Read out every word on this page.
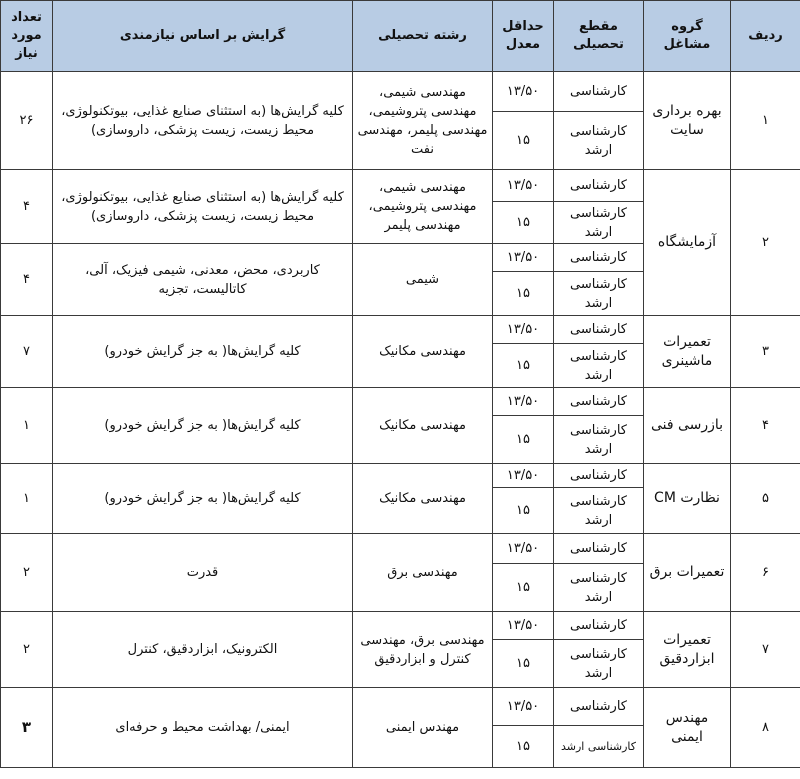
ردیف	گروه مشاغل	مقطع تحصیلی	حداقل معدل	رشته تحصیلی	گرایش بر اساس نیازمندی	تعداد مورد نیاز
۱	بهره برداری سایت	کارشناسی	۱۳/۵۰	مهندسی شیمی، مهندسی پتروشیمی، مهندسی پلیمر، مهندسی نفت	کلیه گرایش‌ها (به استثنای صنایع غذایی، بیوتکنولوژی، محیط زیست، زیست پزشکی، داروسازی)	۲۶
		کارشناسی ارشد	۱۵			
۲	آزمایشگاه	کارشناسی	۱۳/۵۰	مهندسی شیمی، مهندسی پتروشیمی، مهندسی پلیمر	کلیه گرایش‌ها (به استثنای صنایع غذایی، بیوتکنولوژی، محیط زیست، زیست پزشکی، داروسازی)	۴
		کارشناسی ارشد	۱۵			
		کارشناسی	۱۳/۵۰	شیمی	کاربردی، محض، معدنی، شیمی فیزیک، آلی، کاتالیست، تجزیه	۴
		کارشناسی ارشد	۱۵			
۳	تعمیرات ماشینری	کارشناسی	۱۳/۵۰	مهندسی مکانیک	کلیه گرایش‌ها( به جز گرایش خودرو)	۷
		کارشناسی ارشد	۱۵			
۴	بازرسی فنی	کارشناسی	۱۳/۵۰	مهندسی مکانیک	کلیه گرایش‌ها( به جز گرایش خودرو)	۱
		کارشناسی ارشد	۱۵			
۵	نظارت CM	کارشناسی	۱۳/۵۰	مهندسی مکانیک	کلیه گرایش‌ها( به جز گرایش خودرو)	۱
		کارشناسی ارشد	۱۵			
۶	تعمیرات برق	کارشناسی	۱۳/۵۰	مهندسی برق	قدرت	۲
		کارشناسی ارشد	۱۵			
۷	تعمیرات ابزاردقیق	کارشناسی	۱۳/۵۰	مهندسی برق، مهندسی کنترل و ابزاردقیق	الکترونیک، ابزاردقیق، کنترل	۲
		کارشناسی ارشد	۱۵			
۸	مهندس ایمنی	کارشناسی	۱۳/۵۰	مهندس ایمنی	ایمنی/ بهداشت محیط و حرفه‌ای	۳
		کارشناسی ارشد	۱۵			
